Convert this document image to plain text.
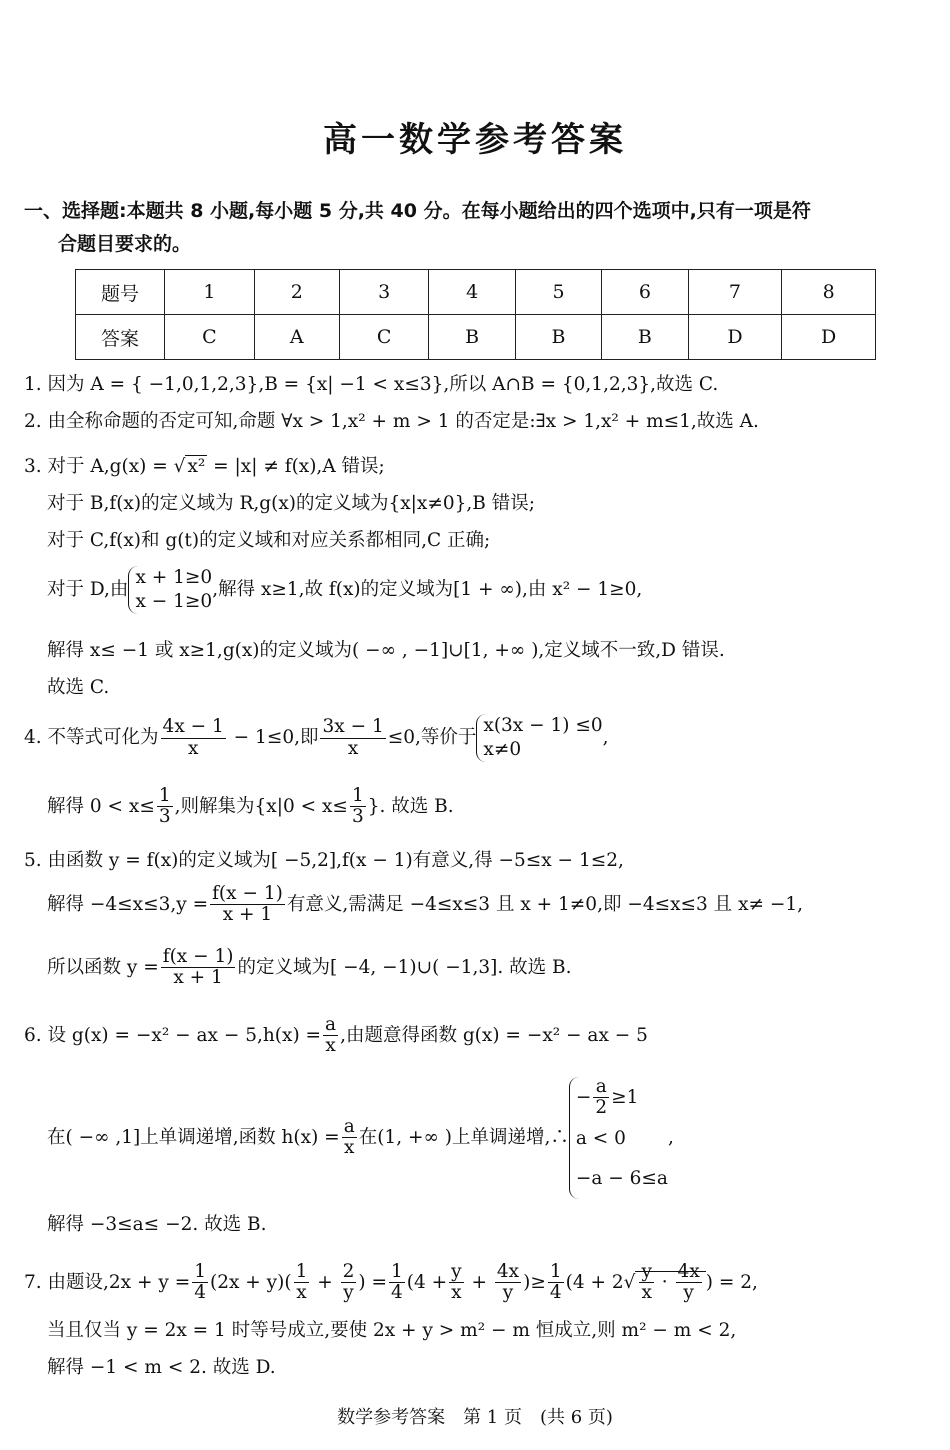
高一数学参考答案
一、选择题:本题共 8 小题,每小题 5 分,共 40 分。在每小题给出的四个选项中,只有一项是符
合题目要求的。
题号	1	2	3	4	5	6	7	8
答案	C	A	C	B	B	B	D	D
1. 因为 A = { −1,0,1,2,3},B = {x| −1 < x≤3},所以 A∩B = {0,1,2,3},故选 C.
2. 由全称命题的否定可知,命题 ∀x > 1,x² + m > 1 的否定是:∃x > 1,x² + m≤1,故选 A.
3. 对于 A,g(x) = √ x² = |x| ≠ f(x),A 错误;
对于 B,f(x)的定义域为 R,g(x)的定义域为{x|x≠0},B 错误;
对于 C,f(x)和 g(t)的定义域和对应关系都相同,C 正确;
对于 D,由
x + 1≥0
x − 1≥0
,解得 x≥1,故 f(x)的定义域为[1 + ∞),由 x² − 1≥0,
解得 x≤ −1 或 x≥1,g(x)的定义域为( −∞ , −1]∪[1, +∞ ),定义域不一致,D 错误.
故选 C.
4. 不等式可化为 $\frac{4x - 1}{x} - 1\le 0$,即 $\frac{3x - 1}{x} \le 0$,等价于
x(3x − 1) ≤0
x≠0
,
解得 $0 < x\le \frac{1}{3}$ ,则解集为{$x|0 < x\le \frac{1}{3}$ }. 故选 B.
5. 由函数 y = f(x)的定义域为[ −5,2],f(x − 1)有意义,得 −5≤x − 1≤2,
解得 $-4\le x\le 3,y = \frac{f(x - 1)}{x + 1}$ 有意义,需满足 −4≤x≤3 且 x + 1≠0,即 −4≤x≤3 且 x≠ −1,
所以函数 $y = \frac{f(x - 1)}{x + 1}$ 的定义域为[ −4, −1)∪( −1,3]. 故选 B.
6. 设 g(x) = −x² − ax − $5,h(x) = \frac{a}{x}$ ,由题意得函数 g(x) = −x² − ax − 5
在( −∞ ,1]上单调递增,函数 $h(x) = \frac{a}{x}$ 在(1, +∞ )上单调递增,∴
− $\frac{a}{2} \ge 1$
a < 0
−a − 6≤a
,
解得 −3≤a≤ −2. 故选 B.
7. 由题设$,2x + y = \frac{1}{4} (2x + y)( \frac{1}{x} + \frac{2}{y}$ ) = $\frac{1}{4} (4 + \frac{y}{x} + \frac{4x}{y}$ )≥ $\frac{1}{4} (4 + 2√ \frac{y}{x} \cdot \frac{4x}{y}$ ) = 2,
当且仅当 y = 2x = 1 时等号成立,要使 2x + y > m² − m 恒成立,则 m² − m < 2,
解得 −1 < m < 2. 故选 D.
数学参考答案　第 1 页　(共 6 页)
